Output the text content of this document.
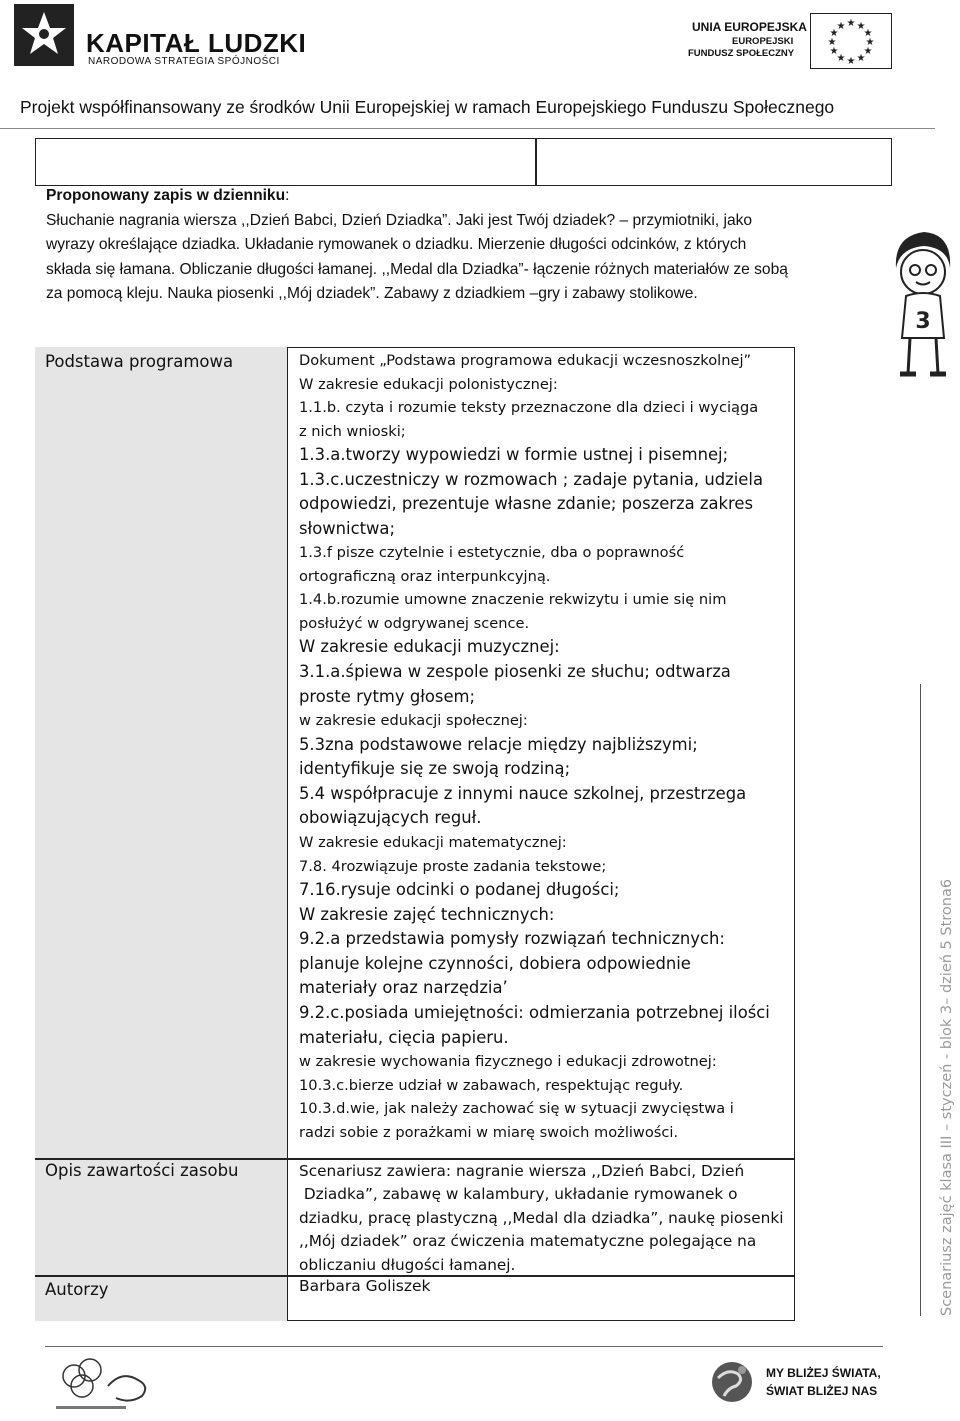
KAPITAŁ LUDZKI
NARODOWA STRATEGIA SPÓJNOŚCI
UNIA EUROPEJSKA
EUROPEJSKI
FUNDUSZ SPOŁECZNY
★ ★
★
★
★
★
★
★
★
★
★
★
Projekt współfinansowany ze środków Unii Europejskiej w ramach Europejskiego Funduszu Społecznego
Proponowany zapis w dzienniku:
Słuchanie nagrania wiersza ,,Dzień Babci, Dzień Dziadka”. Jaki jest Twój dziadek? – przymiotniki, jako
wyrazy określające dziadka. Układanie rymowanek o dziadku. Mierzenie długości odcinków, z których
składa się łamana. Obliczanie długości łamanej. ,,Medal dla Dziadka”- łączenie różnych materiałów ze sobą
za pomocą kleju. Nauka piosenki ,,Mój dziadek”. Zabawy z dziadkiem –gry i zabawy stolikowe.
3
Podstawa programowa
Opis zawartości zasobu
Autorzy
Dokument „Podstawa programowa edukacji wczesnoszkolnej”
W zakresie edukacji polonistycznej:
1.1.b. czyta i rozumie teksty przeznaczone dla dzieci i wyciąga
z nich wnioski;
1.3.a.tworzy wypowiedzi w formie ustnej i pisemnej;
1.3.c.uczestniczy w rozmowach ; zadaje pytania, udziela
odpowiedzi, prezentuje własne zdanie; poszerza zakres
słownictwa;
1.3.f pisze czytelnie i estetycznie, dba o poprawność
ortograficzną oraz interpunkcyjną.
1.4.b.rozumie umowne znaczenie rekwizytu i umie się nim
posłużyć w odgrywanej scence.
W zakresie edukacji muzycznej:
3.1.a.śpiewa w zespole piosenki ze słuchu; odtwarza
proste rytmy głosem;
w zakresie edukacji społecznej:
5.3zna podstawowe relacje między najbliższymi;
identyfikuje się ze swoją rodziną;
5.4 współpracuje z innymi nauce szkolnej, przestrzega
obowiązujących reguł.
W zakresie edukacji matematycznej:
7.8. 4rozwiązuje proste zadania tekstowe;
7.16.rysuje odcinki o podanej długości;
W zakresie zajęć technicznych:
9.2.a przedstawia pomysły rozwiązań technicznych:
planuje kolejne czynności, dobiera odpowiednie
materiały oraz narzędzia’
9.2.c.posiada umiejętności: odmierzania potrzebnej ilości
materiału, cięcia papieru.
w zakresie wychowania fizycznego i edukacji zdrowotnej:
10.3.c.bierze udział w zabawach, respektując reguły.
10.3.d.wie, jak należy zachować się w sytuacji zwycięstwa i
radzi sobie z porażkami w miarę swoich możliwości.
Scenariusz zawiera: nagranie wiersza ,,Dzień Babci, Dzień
Dziadka”, zabawę w kalambury, układanie rymowanek o
dziadku, pracę plastyczną ,,Medal dla dziadka”, naukę piosenki
,,Mój dziadek” oraz ćwiczenia matematyczne polegające na
obliczaniu długości łamanej.
Barbara Goliszek	Scenariusz zajęć klasa III – styczeń - blok 3– dzień 5 Strona6
MY BLIŻEJ ŚWIATA,
ŚWIAT BLIŻEJ NAS
